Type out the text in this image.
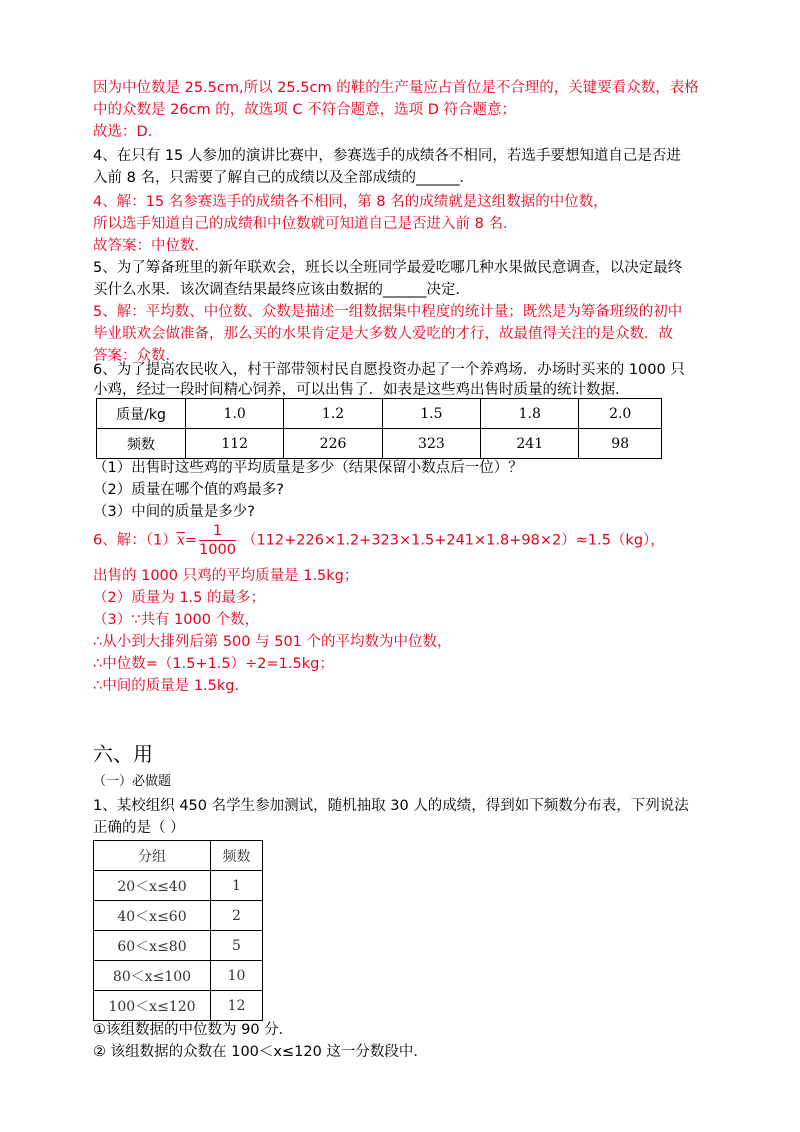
因为中位数是 25.5cm,所以 25.5cm 的鞋的生产量应占首位是不合理的，关键要看众数，表格
中的众数是 26cm 的，故选项 C 不符合题意，选项 D 符合题意；
故选：D．
4、在只有 15 人参加的演讲比赛中，参赛选手的成绩各不相同，若选手要想知道自己是否进
入前 8 名，只需要了解自己的成绩以及全部成绩的______．
4、解：15 名参赛选手的成绩各不相同，第 8 名的成绩就是这组数据的中位数，
所以选手知道自己的成绩和中位数就可知道自己是否进入前 8 名．
故答案：中位数．
5、为了筹备班里的新年联欢会，班长以全班同学最爱吃哪几种水果做民意调查，以决定最终
买什么水果．该次调查结果最终应该由数据的______决定．
5、解：平均数、中位数、众数是描述一组数据集中程度的统计量；既然是为筹备班级的初中
毕业联欢会做准备，那么买的水果肯定是大多数人爱吃的才行，故最值得关注的是众数．故
答案：众数．
6、为了提高农民收入，村干部带领村民自愿投资办起了一个养鸡场．办场时买来的 1000 只
小鸡，经过一段时间精心饲养，可以出售了．如表是这些鸡出售时质量的统计数据．
质量/kg	1.0	1.2	1.5	1.8	2.0
频数	112	226	323	241	98
（1）出售时这些鸡的平均质量是多少（结果保留小数点后一位）？
（2）质量在哪个值的鸡最多?
（3）中间的质量是多少?
6、解：$(1)\overline{x}= \frac{1}{1000} (112+226\times 1.2+323\times 1.5+241\times 1.8+98\times 2)\approx 1.5(kg)$，
出售的 1000 只鸡的平均质量是 1.5kg；
（2）质量为 1.5 的最多；
（3）∵共有 1000 个数，
∴从小到大排列后第 500 与 501 个的平均数为中位数，
∴中位数=（1.5+1.5）÷2=1.5kg；
∴中间的质量是 1.5kg．
六、用
（一）必做题
1、某校组织 450 名学生参加测试，随机抽取 30 人的成绩，得到如下频数分布表，下列说法
正确的是（ ）
分组	频数
20＜x≤40	1
40＜x≤60	2
60＜x≤80	5
80＜x≤100	10
100＜x≤120	12
①该组数据的中位数为 90 分．
② 该组数据的众数在 100＜x≤120 这一分数段中．
